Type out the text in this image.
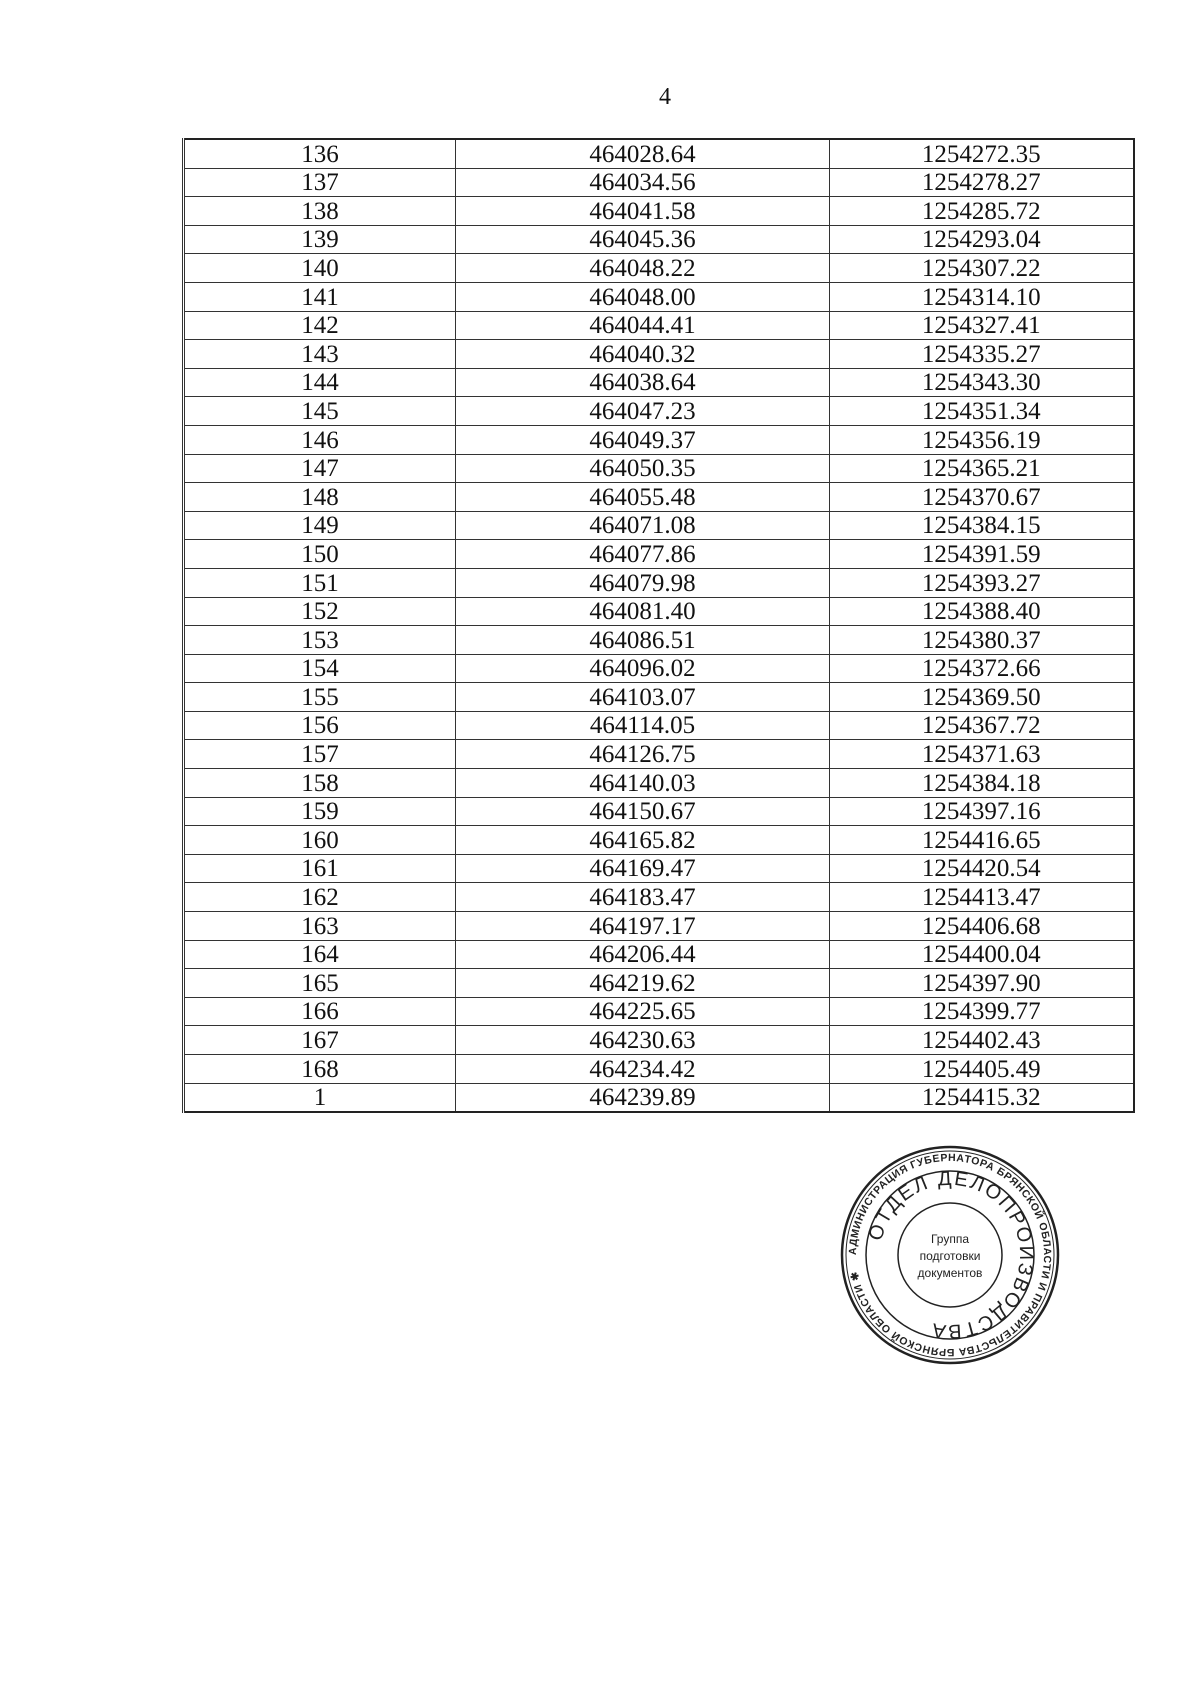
4
136	464028.64	1254272.35
137	464034.56	1254278.27
138	464041.58	1254285.72
139	464045.36	1254293.04
140	464048.22	1254307.22
141	464048.00	1254314.10
142	464044.41	1254327.41
143	464040.32	1254335.27
144	464038.64	1254343.30
145	464047.23	1254351.34
146	464049.37	1254356.19
147	464050.35	1254365.21
148	464055.48	1254370.67
149	464071.08	1254384.15
150	464077.86	1254391.59
151	464079.98	1254393.27
152	464081.40	1254388.40
153	464086.51	1254380.37
154	464096.02	1254372.66
155	464103.07	1254369.50
156	464114.05	1254367.72
157	464126.75	1254371.63
158	464140.03	1254384.18
159	464150.67	1254397.16
160	464165.82	1254416.65
161	464169.47	1254420.54
162	464183.47	1254413.47
163	464197.17	1254406.68
164	464206.44	1254400.04
165	464219.62	1254397.90
166	464225.65	1254399.77
167	464230.63	1254402.43
168	464234.42	1254405.49
1	464239.89	1254415.32
АДМИНИСТРАЦИЯ ГУБЕРНАТОРА БРЯНСКОЙ ОБЛАСТИ И ПРАВИТЕЛЬСТВА БРЯНСКОЙ ОБЛАСТИ ✱
ОТДЕЛ ДЕЛОПРОИЗВОДСТВА
Группа
подготовки
документов
